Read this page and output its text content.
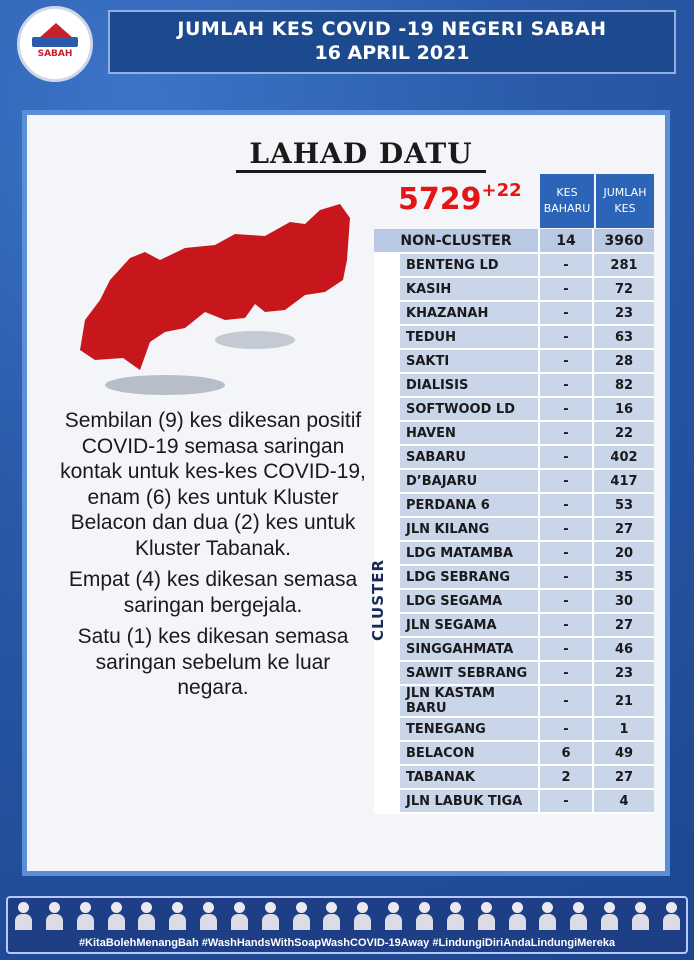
SABAH
JUMLAH KES COVID -19 NEGERI SABAH
16 APRIL 2021
LAHAD DATU
$5729^{+22}$

Sembilan (9) kes dikesan positif COVID-19 semasa saringan kontak untuk kes-kes COVID-19, enam (6) kes untuk Kluster Belacon dan dua (2) kes untuk Kluster Tabanak.

Empat (4) kes dikesan semasa saringan bergejala.

Satu (1) kes dikesan semasa saringan sebelum ke luar negara.

KES BAHARU
JUMLAH KES
NON-CLUSTER		14	3960
	BENTENG LD	-	281
	KASIH	-	72
	KHAZANAH	-	23
	TEDUH	-	63
	SAKTI	-	28
	DIALISIS	-	82
	SOFTWOOD LD	-	16
	HAVEN	-	22
	SABARU	-	402
	D’BAJARU	-	417
	PERDANA 6	-	53
	JLN KILANG	-	27
	LDG MATAMBA	-	20
	LDG SEBRANG	-	35
	LDG SEGAMA	-	30
	JLN SEGAMA	-	27
	SINGGAHMATA	-	46
	SAWIT SEBRANG	-	23
	JLN KASTAM BARU	-	21
	TENEGANG	-	1
	BELACON	6	49
	TABANAK	2	27
	JLN LABUK TIGA	-	4
CLUSTER
#KitaBolehMenangBah #WashHandsWithSoapWashCOVID-19Away #LindungiDiriAndaLindungiMereka
